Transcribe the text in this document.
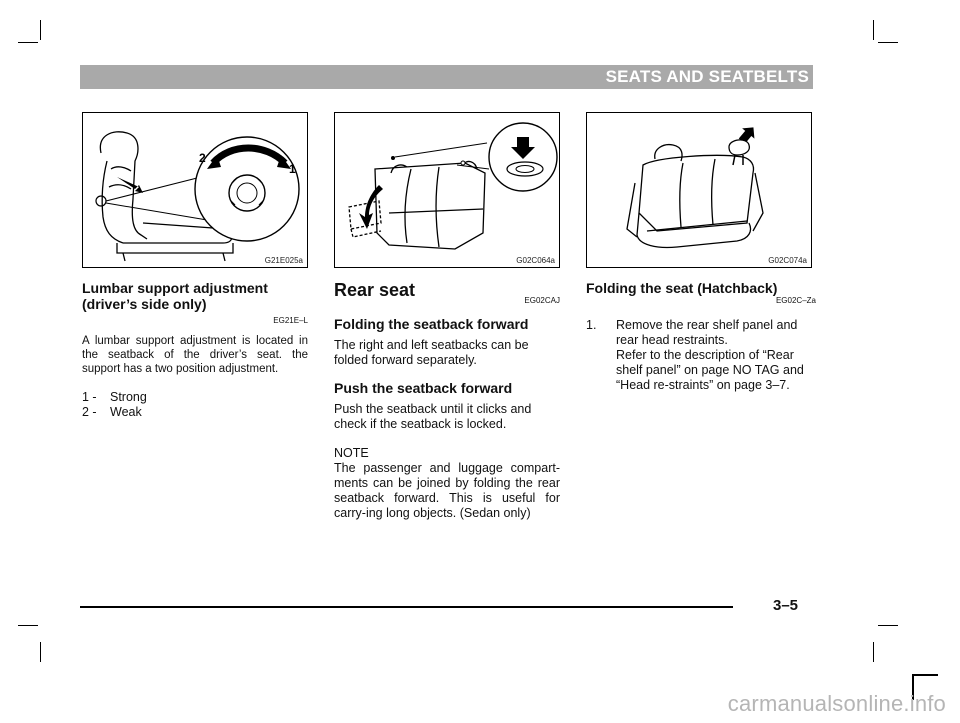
SEATS AND SEATBELTS
2
1
G21E025a	G02C064a	G02C074a

Lumbar support adjustment (driver’s side only)

EG21E–L

A lumbar support adjustment is located in the seatback of the driver’s seat. the support has a two position adjustment.

1 -	Strong
2 -	Weak

Rear seat

EG02CAJ

Folding the seatback forward

The right and left seatbacks can be folded forward separately.

Push the seatback forward

Push the seatback until it clicks and check if the seatback is locked.

NOTE

The passenger and luggage compart-ments can be joined by folding the rear seatback forward. This is useful for carry-ing long objects. (Sedan only)

Folding the seat (Hatchback)

EG02C–Za
1.	Remove the rear shelf panel and rear head restraints.
Refer to the description of “Rear shelf panel” on page NO TAG and “Head re-straints” on page 3–7.
3–5
carmanualsonline.info
